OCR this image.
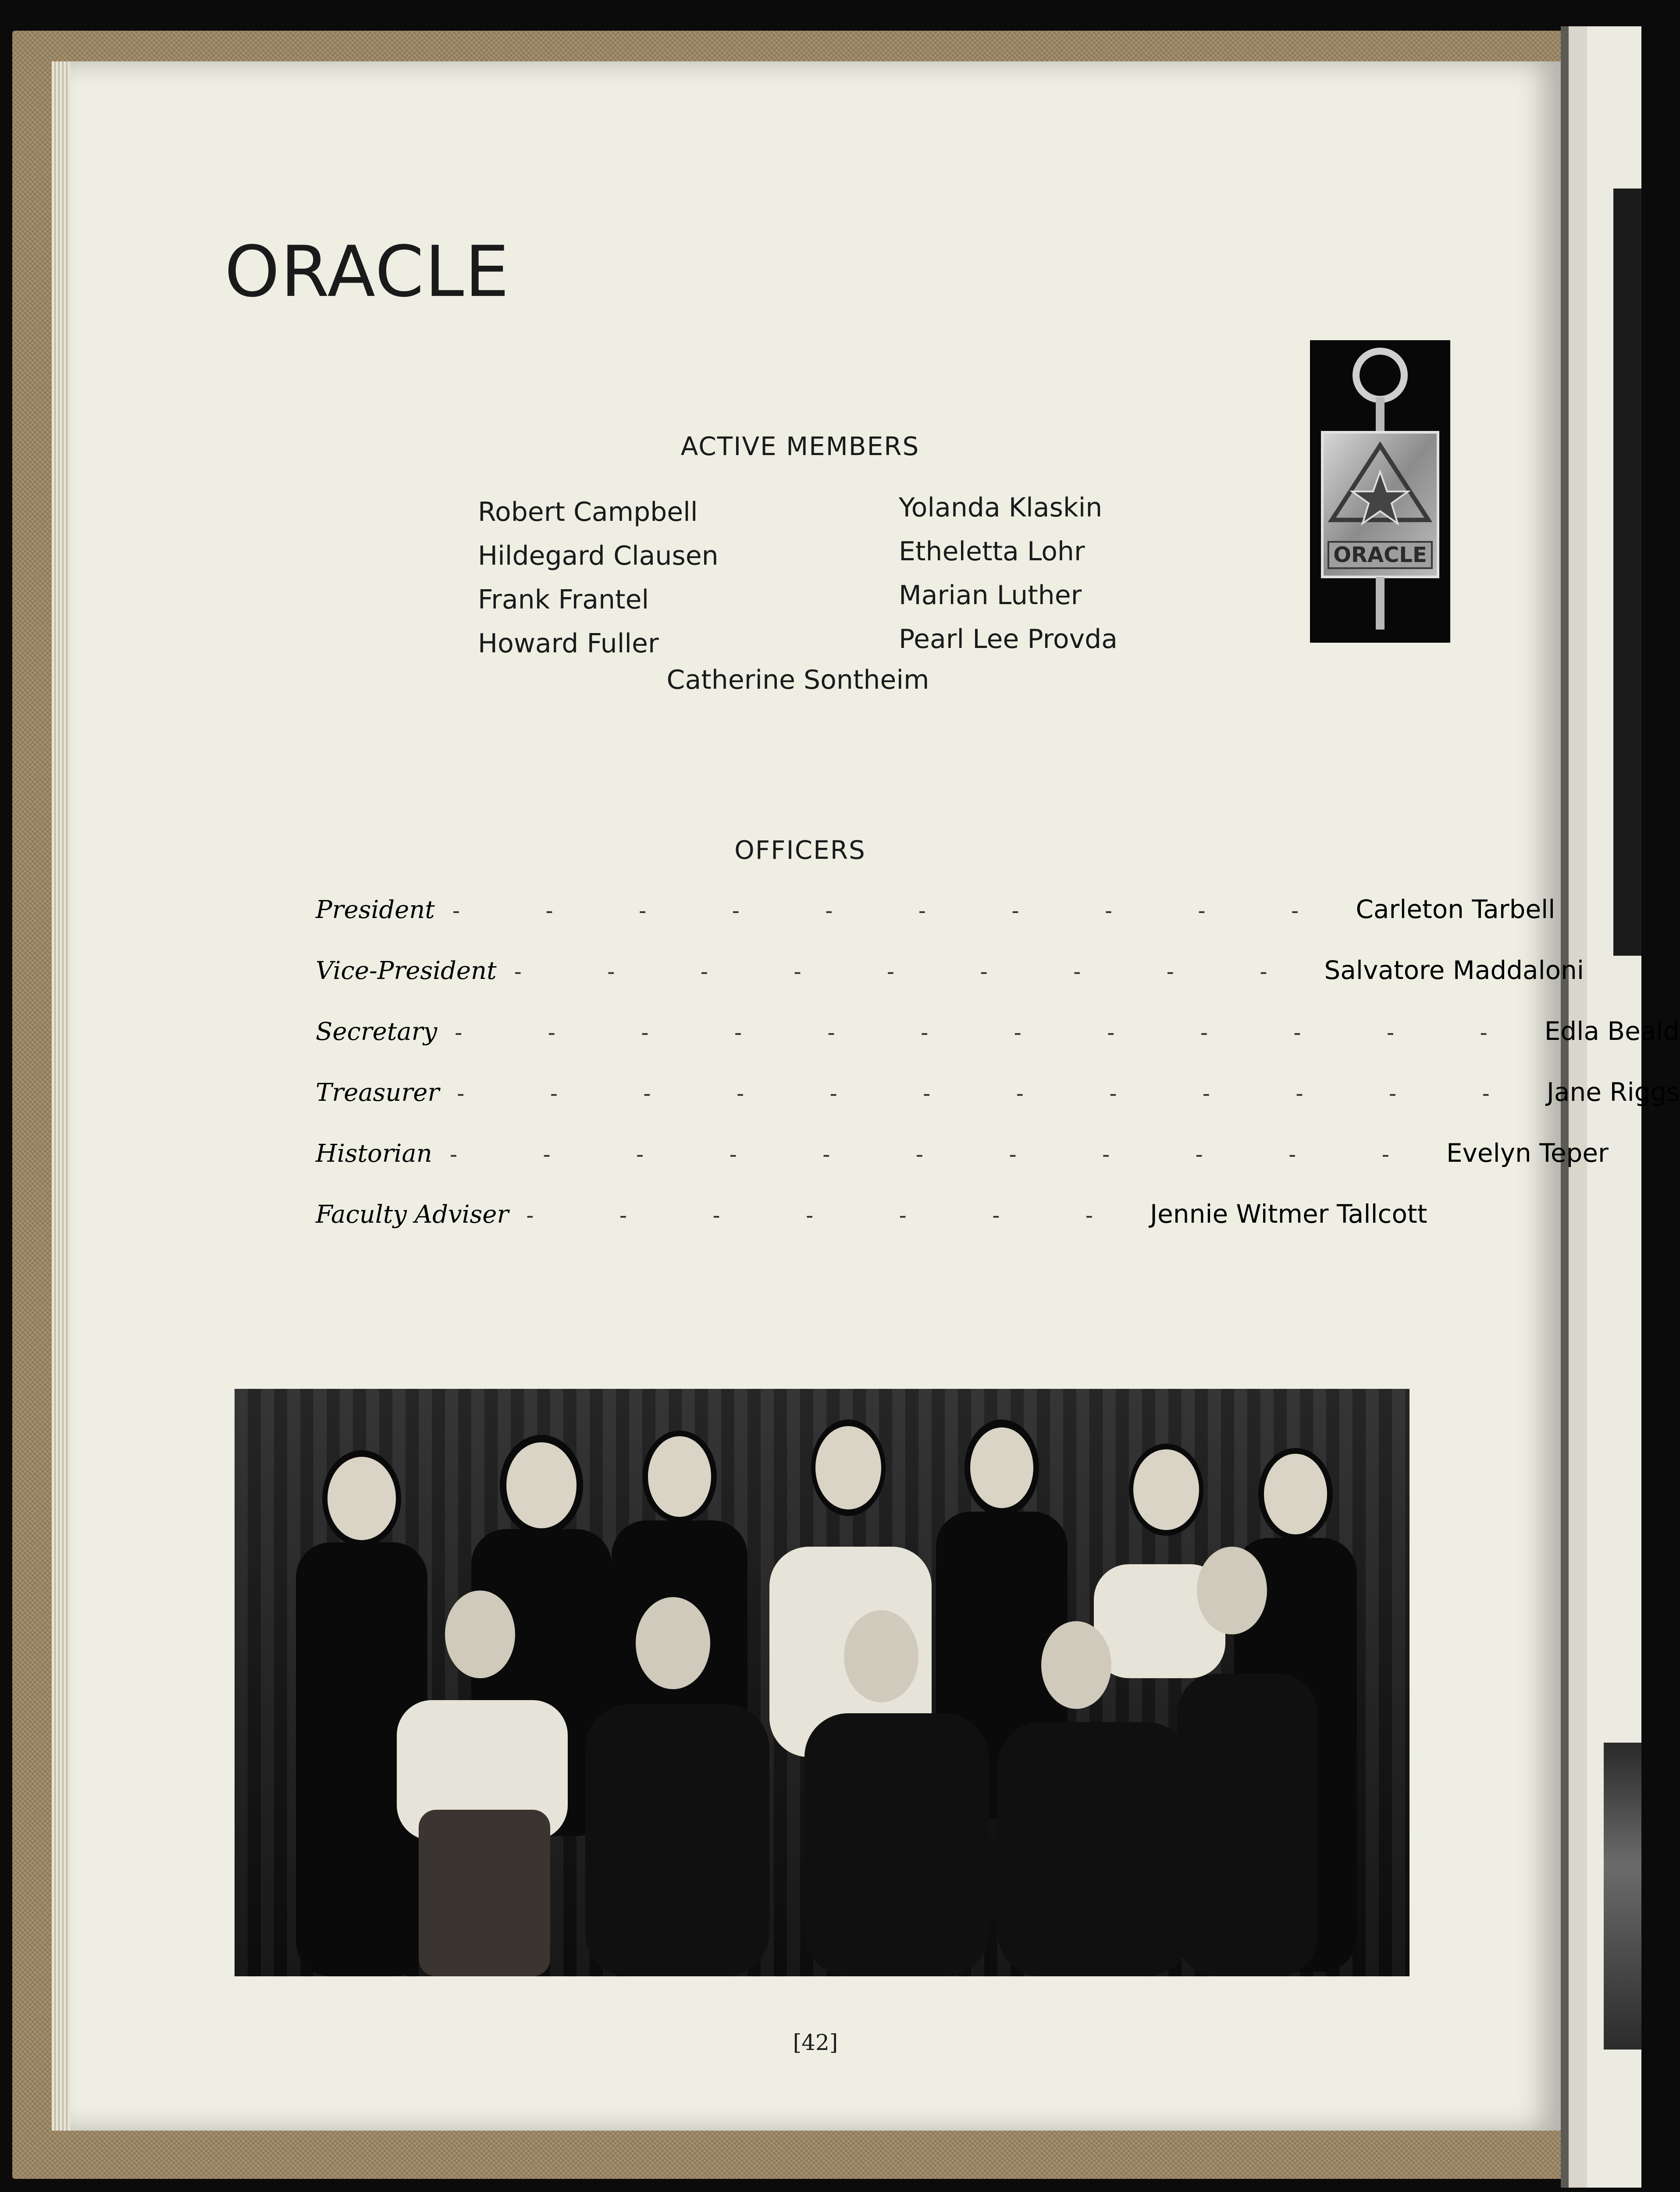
ORACLE
ORACLE
ACTIVE MEMBERS
Robert Campbell
Hildegard Clausen
Frank Frantel
Howard Fuller
Yolanda Klaskin
Etheletta Lohr
Marian Luther
Pearl Lee Provda
Catherine Sontheim
OFFICERS
President - - - - - - - - - - Carleton Tarbell
Vice-President - - - - - - - - - Salvatore Maddaloni
Secretary - - - - - - - - - - - - Edla Beald
Treasurer - - - - - - - - - - - - Jane Riggs
Historian - - - - - - - - - - - Evelyn Teper
Faculty Adviser - - - - - - - Jennie Witmer Tallcott
[42]
